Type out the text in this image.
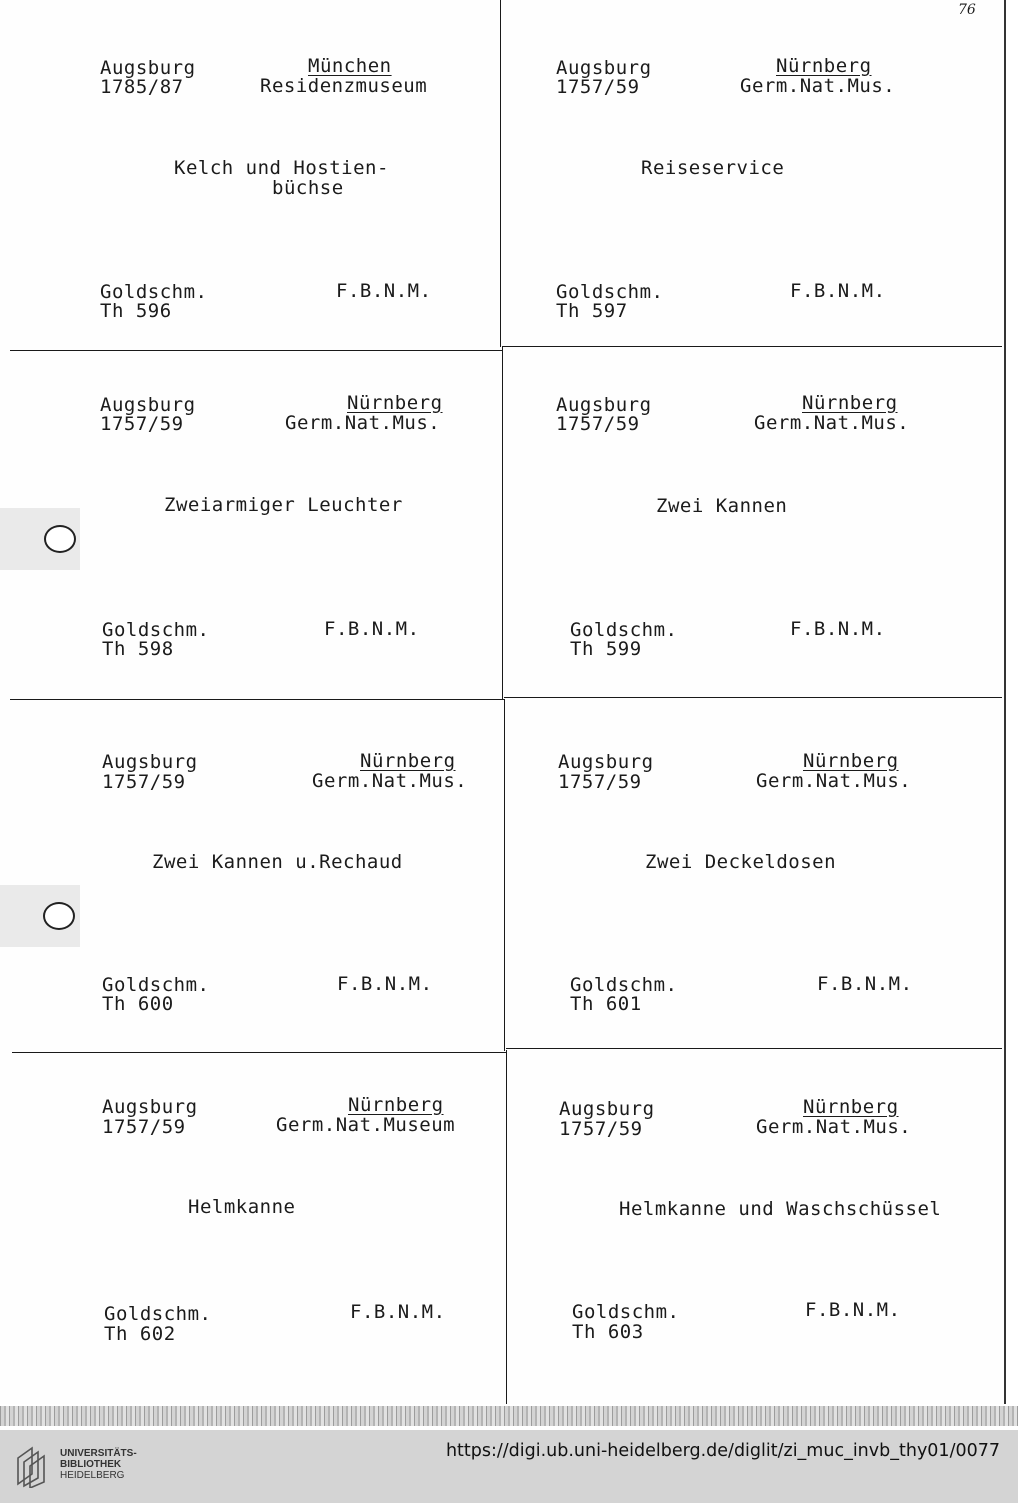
76
Augsburg
1785/87
München
Residenzmuseum
Kelch und Hostien-
büchse
Goldschm.	F.B.N.M.
Th 596
Augsburg
1757/59
Nürnberg
Germ.Nat.Mus.
Reiseservice
Goldschm.	F.B.N.M.
Th 597
Augsburg
1757/59
Nürnberg
Germ.Nat.Mus.
Zweiarmiger Leuchter
Goldschm.	F.B.N.M.
Th 598
Augsburg
1757/59
Nürnberg
Germ.Nat.Mus.
Zwei Kannen
Goldschm.	F.B.N.M.
Th 599
Augsburg
1757/59
Nürnberg
Germ.Nat.Mus.
Zwei Kannen u.Rechaud
Goldschm.	F.B.N.M.
Th 600
Augsburg
1757/59
Nürnberg
Germ.Nat.Mus.
Zwei Deckeldosen
Goldschm.	F.B.N.M.
Th 601
Augsburg
1757/59
Nürnberg
Germ.Nat.Museum
Helmkanne
Goldschm.	F.B.N.M.
Th 602
Augsburg
1757/59
Nürnberg
Germ.Nat.Mus.
Helmkanne und Waschschüssel
Goldschm.	F.B.N.M.
Th 603
UNIVERSITÄTS-
BIBLIOTHEK
HEIDELBERG
https://digi.ub.uni-heidelberg.de/diglit/zi_muc_invb_thy01/0077
